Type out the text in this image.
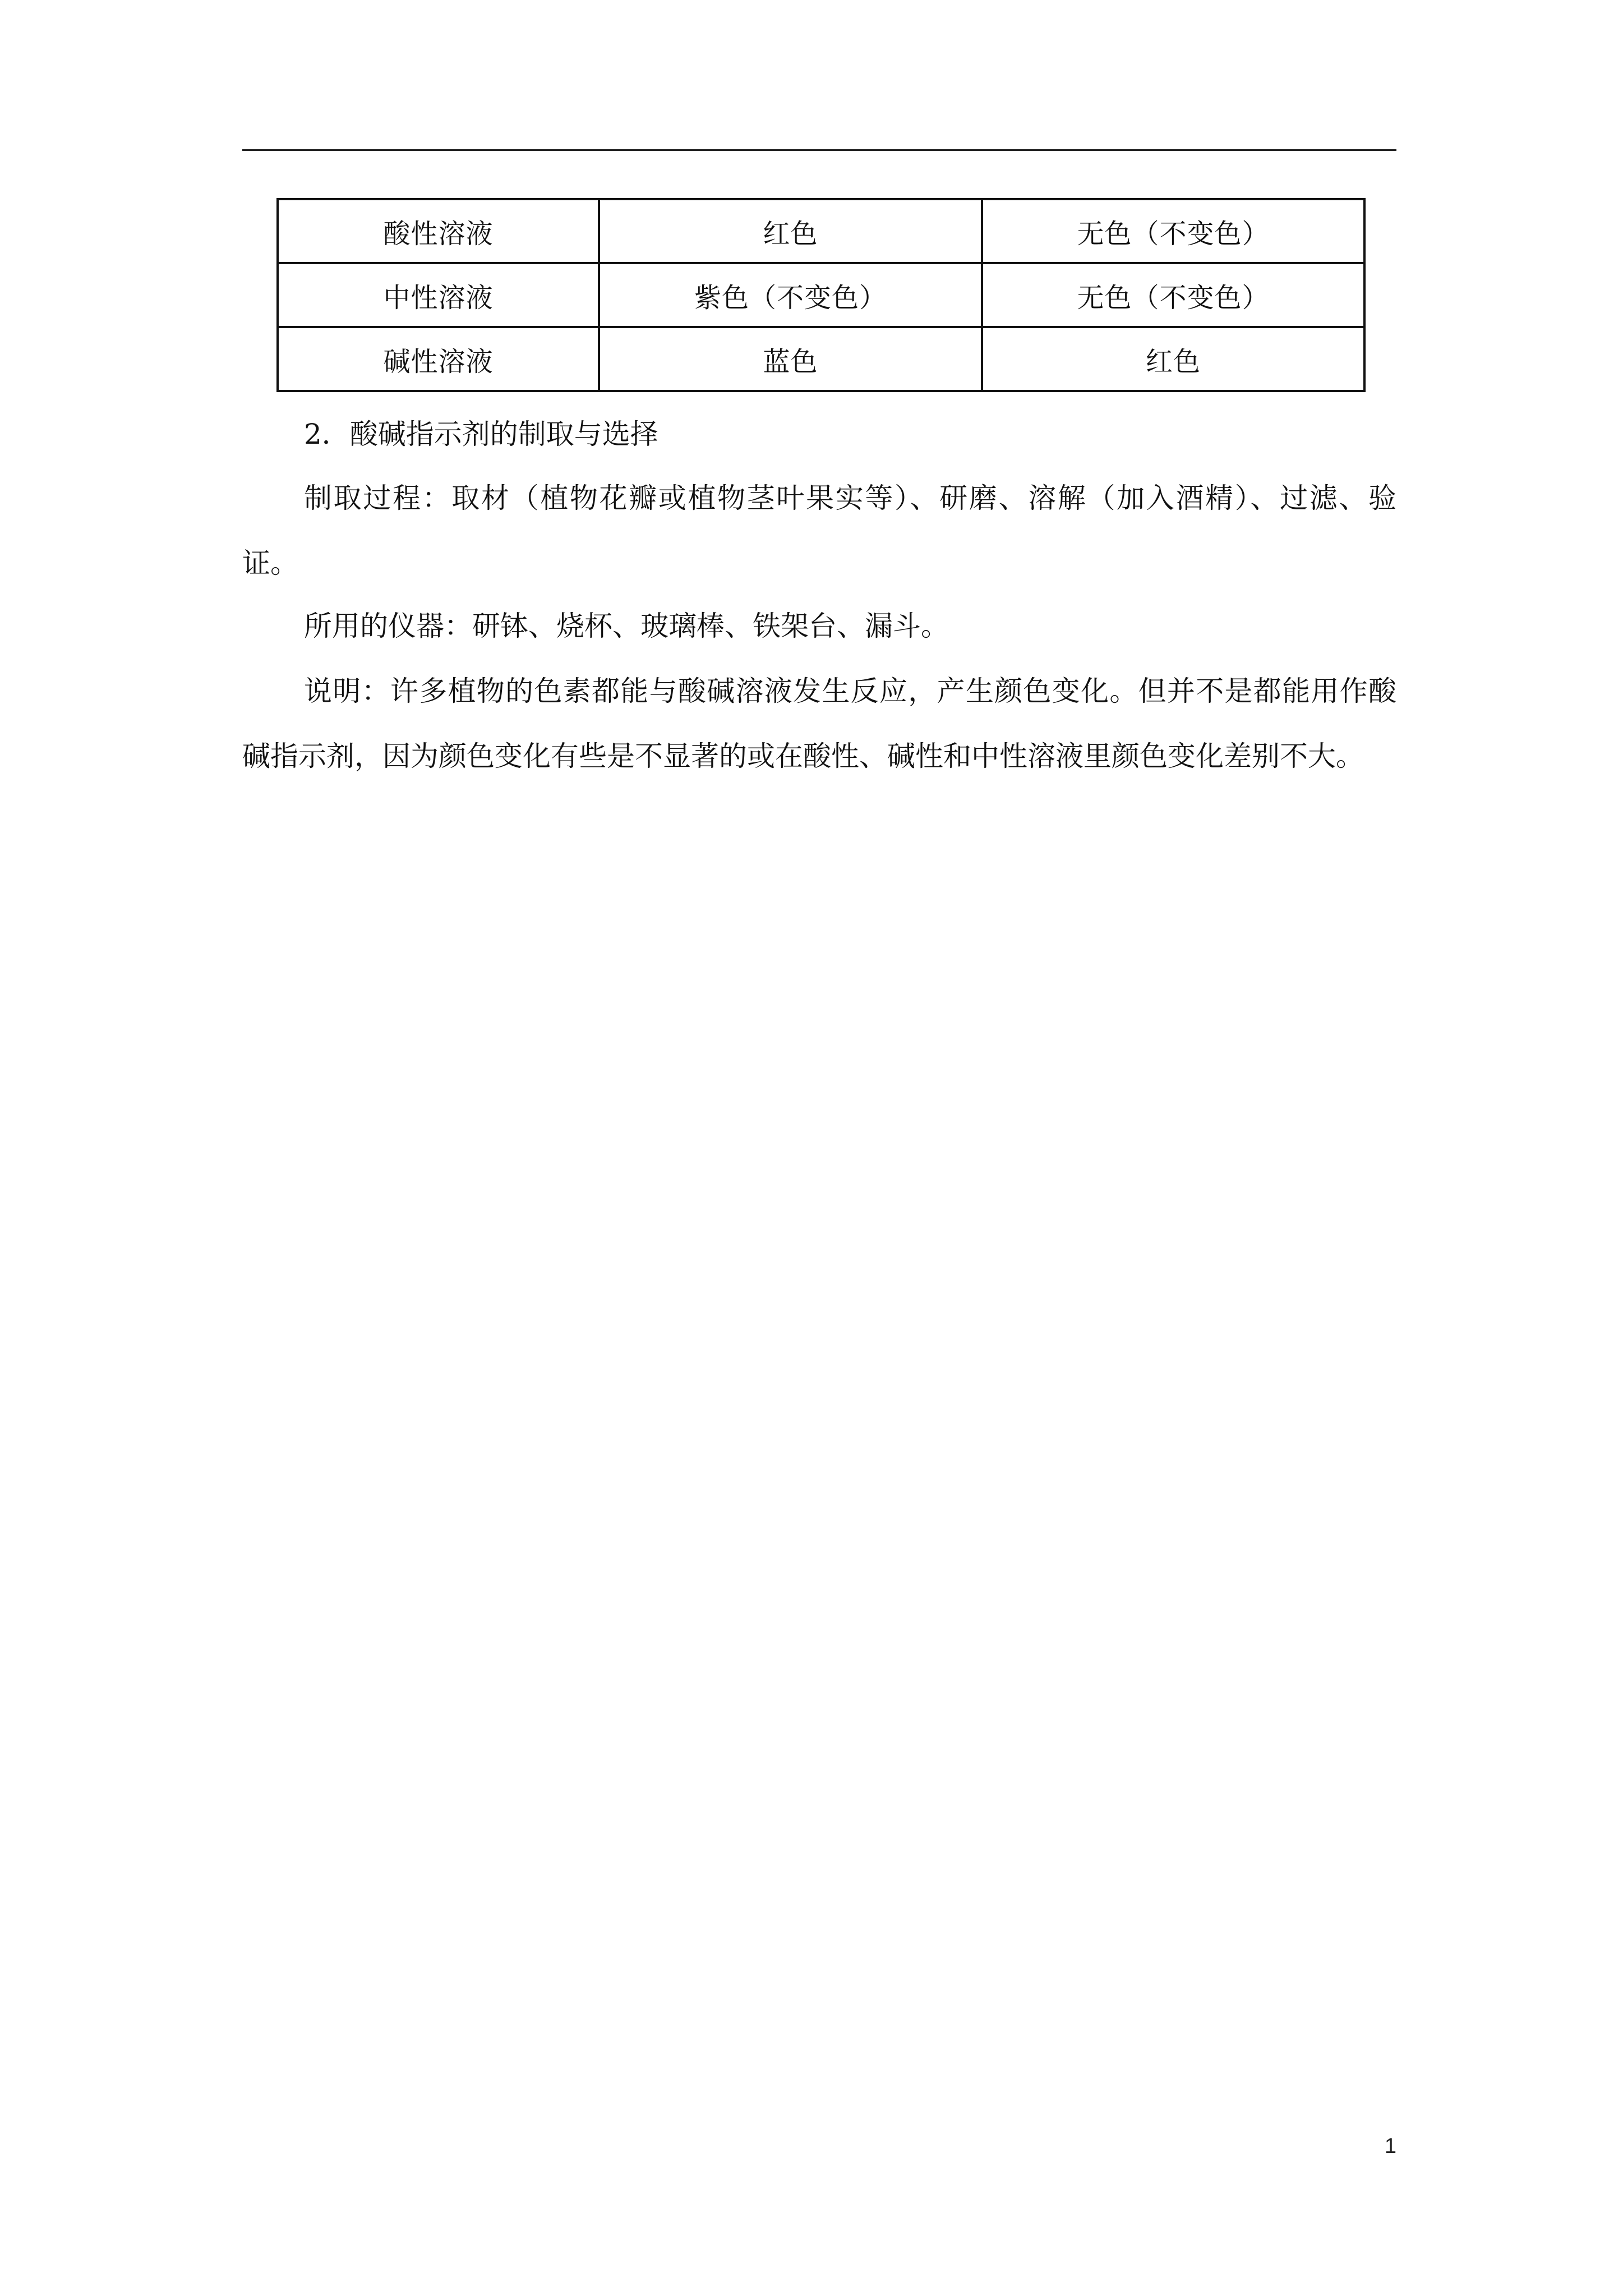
酸性溶液	红色	无色（不变色）
中性溶液	紫色（不变色）	无色（不变色）
碱性溶液	蓝色	红色

2．酸碱指示剂的制取与选择

制取过程：取材（植物花瓣或植物茎叶果实等）、研磨、溶解（加入酒精）、过滤、验证。

所用的仪器：研钵、烧杯、玻璃棒、铁架台、漏斗。

说明：许多植物的色素都能与酸碱溶液发生反应，产生颜色变化。但并不是都能用作酸碱指示剂，因为颜色变化有些是不显著的或在酸性、碱性和中性溶液里颜色变化差别不大。

1
